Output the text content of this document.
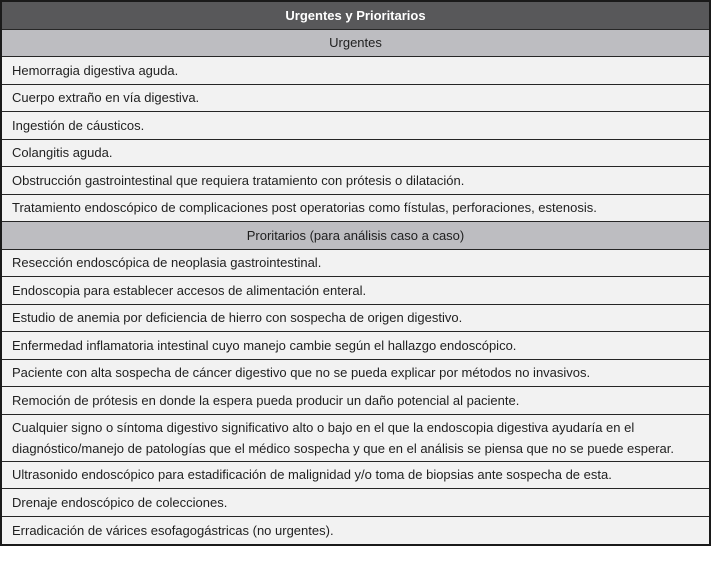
Urgentes y Prioritarios
Urgentes
Hemorragia digestiva aguda.
Cuerpo extraño en vía digestiva.
Ingestión de cáusticos.
Colangitis aguda.
Obstrucción gastrointestinal que requiera tratamiento con prótesis o dilatación.
Tratamiento endoscópico de complicaciones post operatorias como fístulas, perforaciones, estenosis.
Proritarios (para análisis caso a caso)
Resección endoscópica de neoplasia gastrointestinal.
Endoscopia para establecer accesos de alimentación enteral.
Estudio de anemia por deficiencia de hierro con sospecha de origen digestivo.
Enfermedad inflamatoria intestinal cuyo manejo cambie según el hallazgo endoscópico.
Paciente con alta sospecha de cáncer digestivo que no se pueda explicar por métodos no invasivos.
Remoción de prótesis en donde la espera pueda producir un daño potencial al paciente.
Cualquier signo o síntoma digestivo significativo alto o bajo en el que la endoscopia digestiva ayudaría en el diagnóstico/manejo de patologías que el médico sospecha y que en el análisis se piensa que no se puede esperar.
Ultrasonido endoscópico para estadificación de malignidad y/o toma de biopsias ante sospecha de esta.
Drenaje endoscópico de colecciones.
Erradicación de várices esofagogástricas (no urgentes).
